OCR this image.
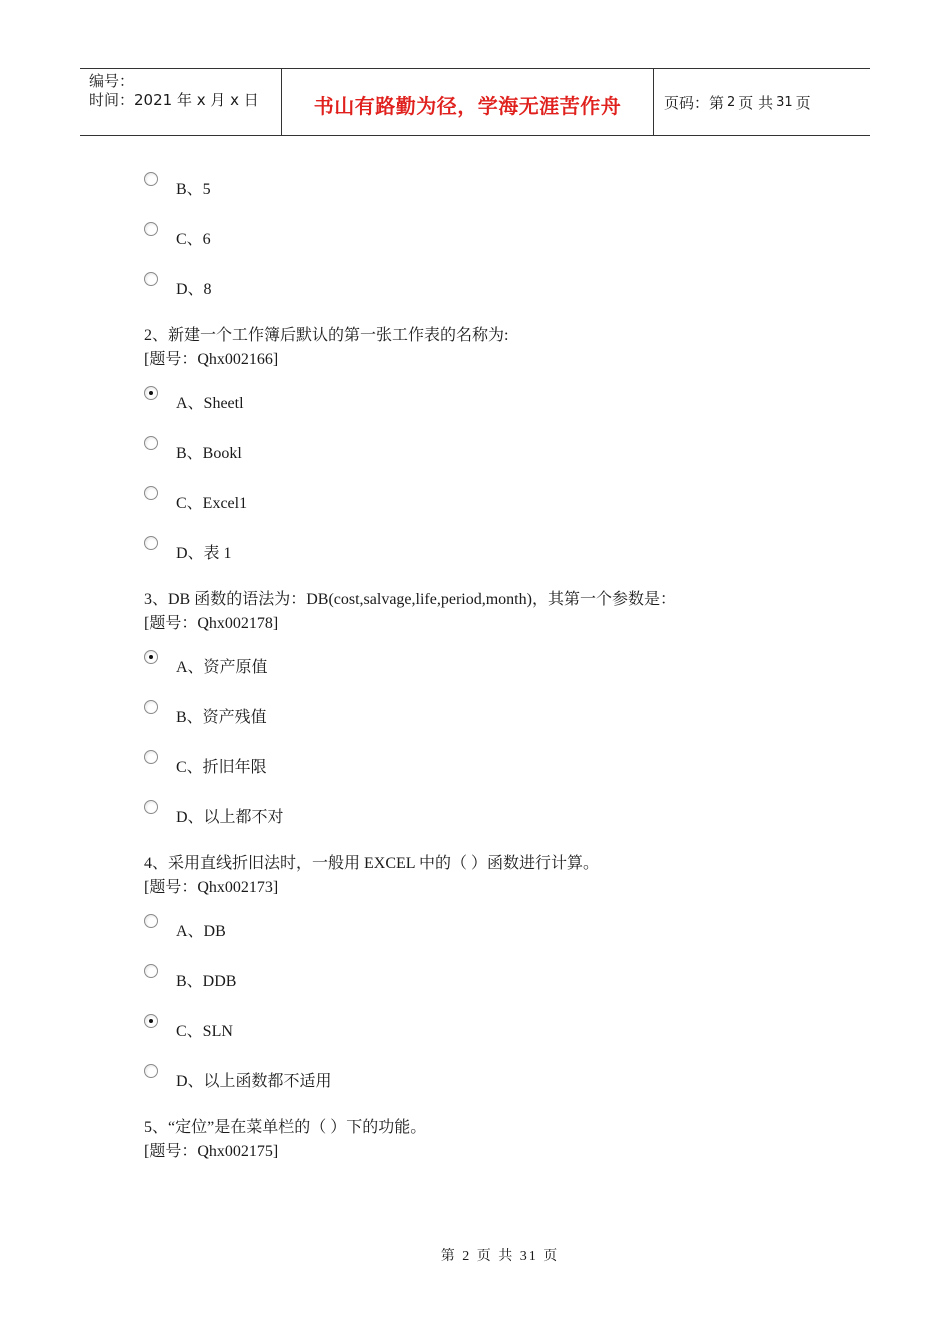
编号：
时间：2021 年 x 月 x 日	书山有路勤为径，学海无涯苦作舟	页码：第 2 页 共 31 页
B、5
C、6
D、8
2、新建一个工作簿后默认的第一张工作表的名称为:
[题号：Qhx002166]
A、Sheetl
B、Bookl
C、Excel1
D、表 1
3、DB 函数的语法为：DB(cost,salvage,life,period,month)，其第一个参数是：
[题号：Qhx002178]
A、资产原值
B、资产残值
C、折旧年限
D、以上都不对
4、采用直线折旧法时，一般用 EXCEL 中的（ ）函数进行计算。
[题号：Qhx002173]
A、DB
B、DDB
C、SLN
D、以上函数都不适用
5、“定位”是在菜单栏的（ ）下的功能。
[题号：Qhx002175]
第 2 页 共 31 页
